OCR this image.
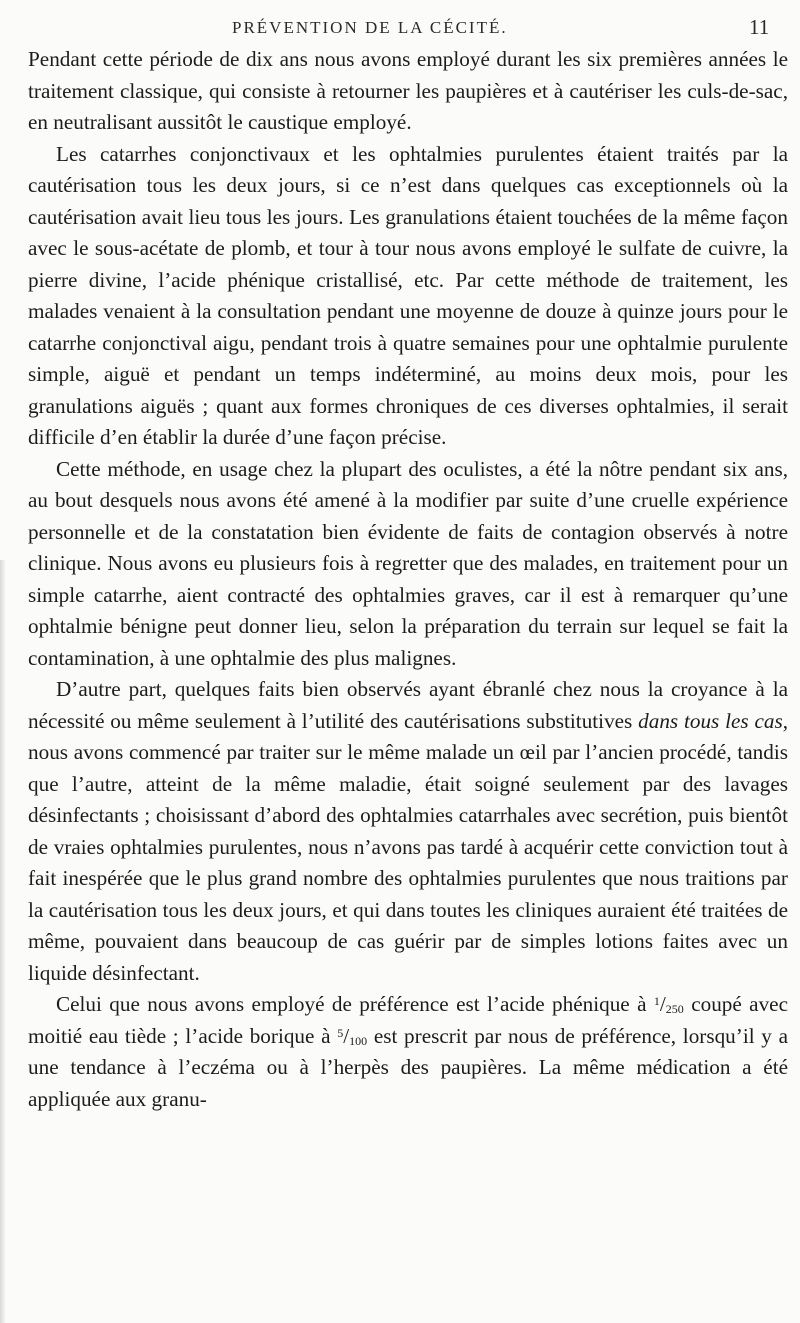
PRÉVENTION DE LA CÉCITÉ.	11

Pendant cette période de dix ans nous avons employé durant les six premières années le traitement classique, qui consiste à retourner les paupières et à cautériser les culs-de-sac, en neutralisant aussitôt le caustique employé.

Les catarrhes conjonctivaux et les ophtalmies purulentes étaient traités par la cautérisation tous les deux jours, si ce n’est dans quelques cas exceptionnels où la cautérisation avait lieu tous les jours. Les granulations étaient touchées de la même façon avec le sous-acétate de plomb, et tour à tour nous avons employé le sulfate de cuivre, la pierre divine, l’acide phénique cristallisé, etc. Par cette méthode de traitement, les malades venaient à la consultation pendant une moyenne de douze à quinze jours pour le catarrhe conjonctival aigu, pendant trois à quatre semaines pour une ophtalmie purulente simple, aiguë et pendant un temps indéterminé, au moins deux mois, pour les granulations aiguës ; quant aux formes chroniques de ces diverses ophtalmies, il serait difficile d’en établir la durée d’une façon précise.

Cette méthode, en usage chez la plupart des oculistes, a été la nôtre pendant six ans, au bout desquels nous avons été amené à la modifier par suite d’une cruelle expérience personnelle et de la constatation bien évidente de faits de contagion observés à notre clinique. Nous avons eu plusieurs fois à regretter que des malades, en traitement pour un simple catarrhe, aient contracté des ophtalmies graves, car il est à remarquer qu’une ophtalmie bénigne peut donner lieu, selon la préparation du terrain sur lequel se fait la contamination, à une ophtalmie des plus malignes.

D’autre part, quelques faits bien observés ayant ébranlé chez nous la croyance à la nécessité ou même seulement à l’utilité des cautérisations substitutives dans tous les cas, nous avons commencé par traiter sur le même malade un œil par l’ancien procédé, tandis que l’autre, atteint de la même maladie, était soigné seulement par des lavages désinfectants ; choisissant d’abord des ophtalmies catarrhales avec secrétion, puis bientôt de vraies ophtalmies purulentes, nous n’avons pas tardé à acquérir cette conviction tout à fait inespérée que le plus grand nombre des ophtalmies purulentes que nous traitions par la cautérisation tous les deux jours, et qui dans toutes les cliniques auraient été traitées de même, pouvaient dans beaucoup de cas guérir par de simples lotions faites avec un liquide désinfectant.

Celui que nous avons employé de préférence est l’acide phénique à $^1/_{250}$ coupé avec moitié eau tiède ; l’acide borique à $^5/_{100}$ est prescrit par nous de préférence, lorsqu’il y a une tendance à l’eczéma ou à l’herpès des paupières. La même médication a été appliquée aux granu-
